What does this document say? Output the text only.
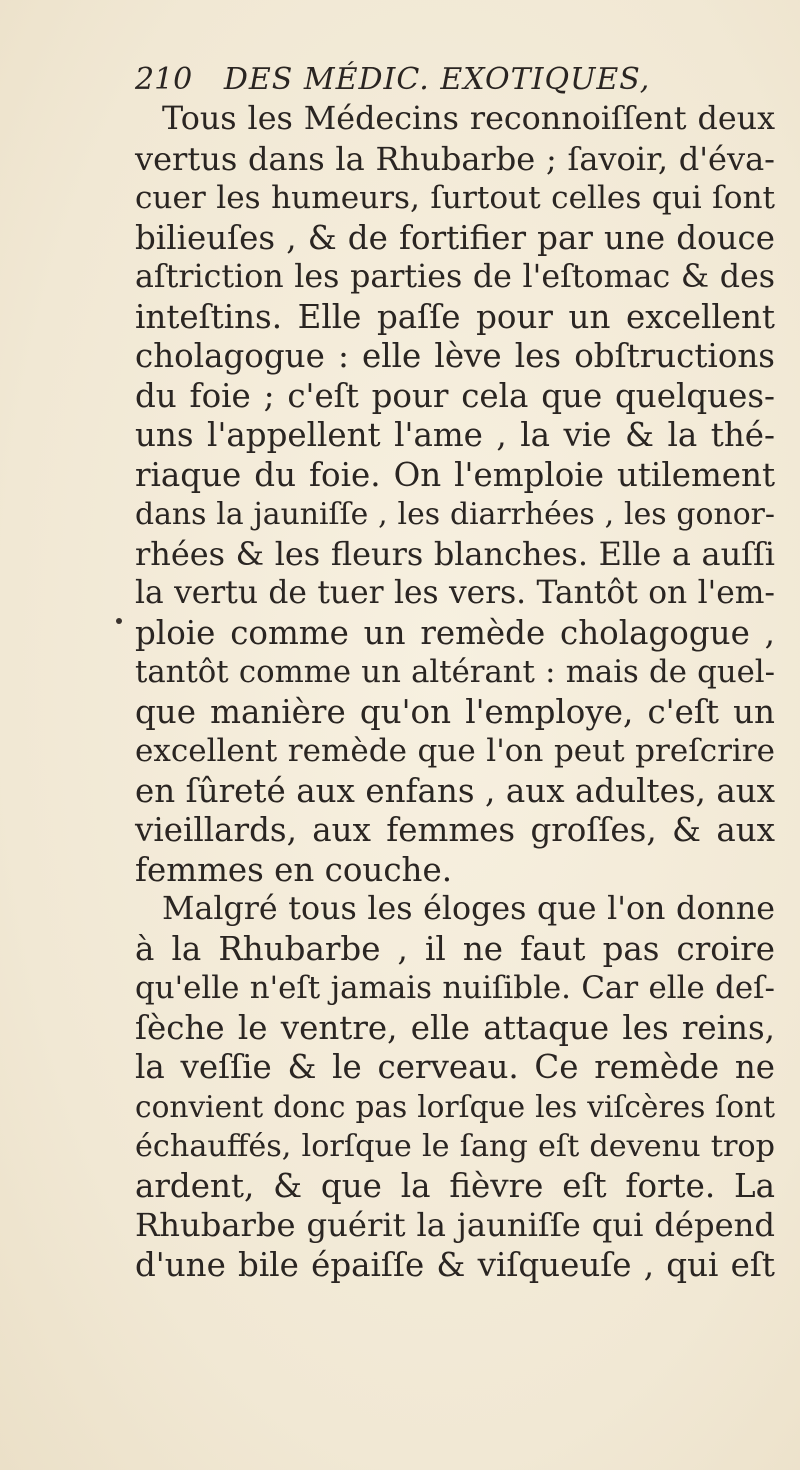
210 DES MÉDIC. EXOTIQUES,
Tous les Médecins reconnoiſſent deux
vertus dans la Rhubarbe ; ſavoir, d'éva-
cuer les humeurs, ſurtout celles qui ſont
bilieuſes , & de fortifier par une douce
aſtriction les parties de l'eſtomac & des
inteſtins. Elle paſſe pour un excellent
cholagogue : elle lève les obſtructions
du foie ; c'eſt pour cela que quelques-
uns l'appellent l'ame , la vie & la thé-
riaque du foie. On l'emploie utilement
dans la jauniſſe , les diarrhées , les gonor-
rhées & les fleurs blanches. Elle a auſſi
la vertu de tuer les vers. Tantôt on l'em-
ploie comme un remède cholagogue ,
tantôt comme un altérant : mais de quel-
que manière qu'on l'employe, c'eſt un
excellent remède que l'on peut preſcrire
en ſûreté aux enfans , aux adultes, aux
vieillards, aux femmes groſſes, & aux
femmes en couche.
Malgré tous les éloges que l'on donne
à la Rhubarbe , il ne faut pas croire
qu'elle n'eſt jamais nuiſible. Car elle deſ-
ſèche le ventre, elle attaque les reins,
la veſſie & le cerveau. Ce remède ne
convient donc pas lorſque les viſcères ſont
échauffés, lorſque le ſang eſt devenu trop
ardent, & que la fièvre eſt forte. La
Rhubarbe guérit la jauniſſe qui dépend
d'une bile épaiſſe & viſqueuſe , qui eſt
